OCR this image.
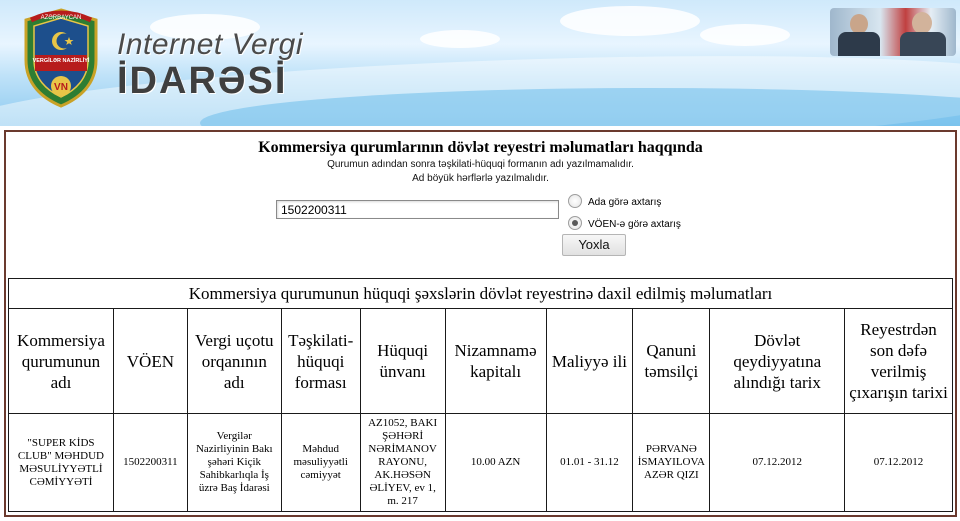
AZƏRBAYCAN
VERGİLƏR NAZİRLİYİ
VN
Internet Vergi
İDARƏSİ
Kommersiya qurumlarının dövlət reyestri məlumatları haqqında
Qurumun adından sonra təşkilati-hüquqi formanın adı yazılmamalıdır.
Ad böyük hərflərlə yazılmalıdır.
1502200311
Ada görə axtarış
VÖEN-ə görə axtarış
Yoxla
Kommersiya qurumunun hüquqi şəxslərin dövlət reyestrinə daxil edilmiş məlumatları									
Kommersiya qurumunun adı	VÖEN	Vergi uçotu orqanının adı	Təşkilati-hüquqi forması	Hüquqi ünvanı	Nizamnamə kapitalı	Maliyyə ili	Qanuni təmsilçi	Dövlət qeydiyyatına alındığı tarix	Reyestrdən son dəfə verilmiş çıxarışın tarixi
"SUPER KİDS CLUB" MƏHDUD MƏSULİYYƏTLİ CƏMİYYƏTİ	1502200311	Vergilər Nazirliyinin Bakı şəhəri Kiçik Sahibkarlıqla İş üzrə Baş İdarəsi	Məhdud məsuliyyətli cəmiyyət	AZ1052, BAKI ŞƏHƏRİ NƏRİMANOV RAYONU, AK.HƏSƏN ƏLİYEV, ev 1, m. 217	10.00 AZN	01.01 - 31.12	PƏRVANƏ İSMAYILOVA AZƏR QIZI	07.12.2012	07.12.2012
